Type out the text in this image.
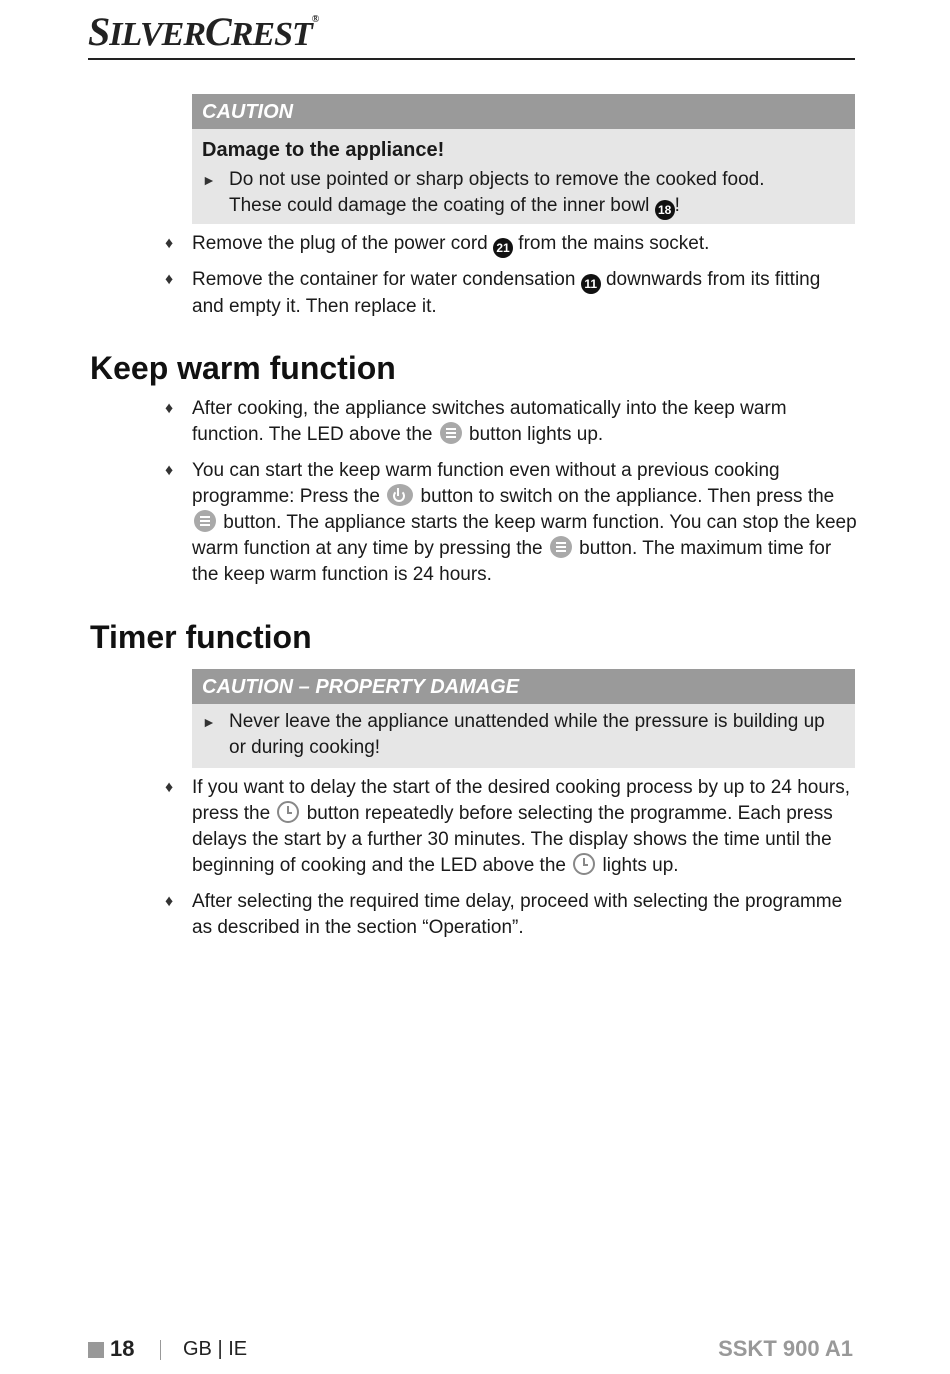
SILVERCREST®
CAUTION
Damage to the appliance!
► Do not use pointed or sharp objects to remove the cooked food.
These could damage the coating of the inner bowl 18 !
♦ Remove the plug of the power cord 21 from the mains socket.
♦ Remove the container for water condensation 11 downwards from its fitting and empty it. Then replace it.
Keep warm function
♦ After cooking, the appliance switches automatically into the keep warm function. The LED above the button lights up.
♦ You can start the keep warm function even without a previous cooking programme: Press the button to switch on the appliance. Then press the  button. The appliance starts the keep warm function. You can stop the keep warm function at any time by pressing the button. The maximum time for the keep warm function is 24 hours.
Timer function
CAUTION – PROPERTY DAMAGE
► Never leave the appliance unattended while the pressure is building up or during cooking!
♦ If you want to delay the start of the desired cooking process by up to 24 hours, press the button repeatedly before selecting the programme. Each press delays the start by a further 30 minutes. The display shows the time until the beginning of cooking and the LED above the lights up.
♦ After selecting the required time delay, proceed with selecting the programme as described in the section “Operation”.
18 GB | IE	SSKT 900 A1
